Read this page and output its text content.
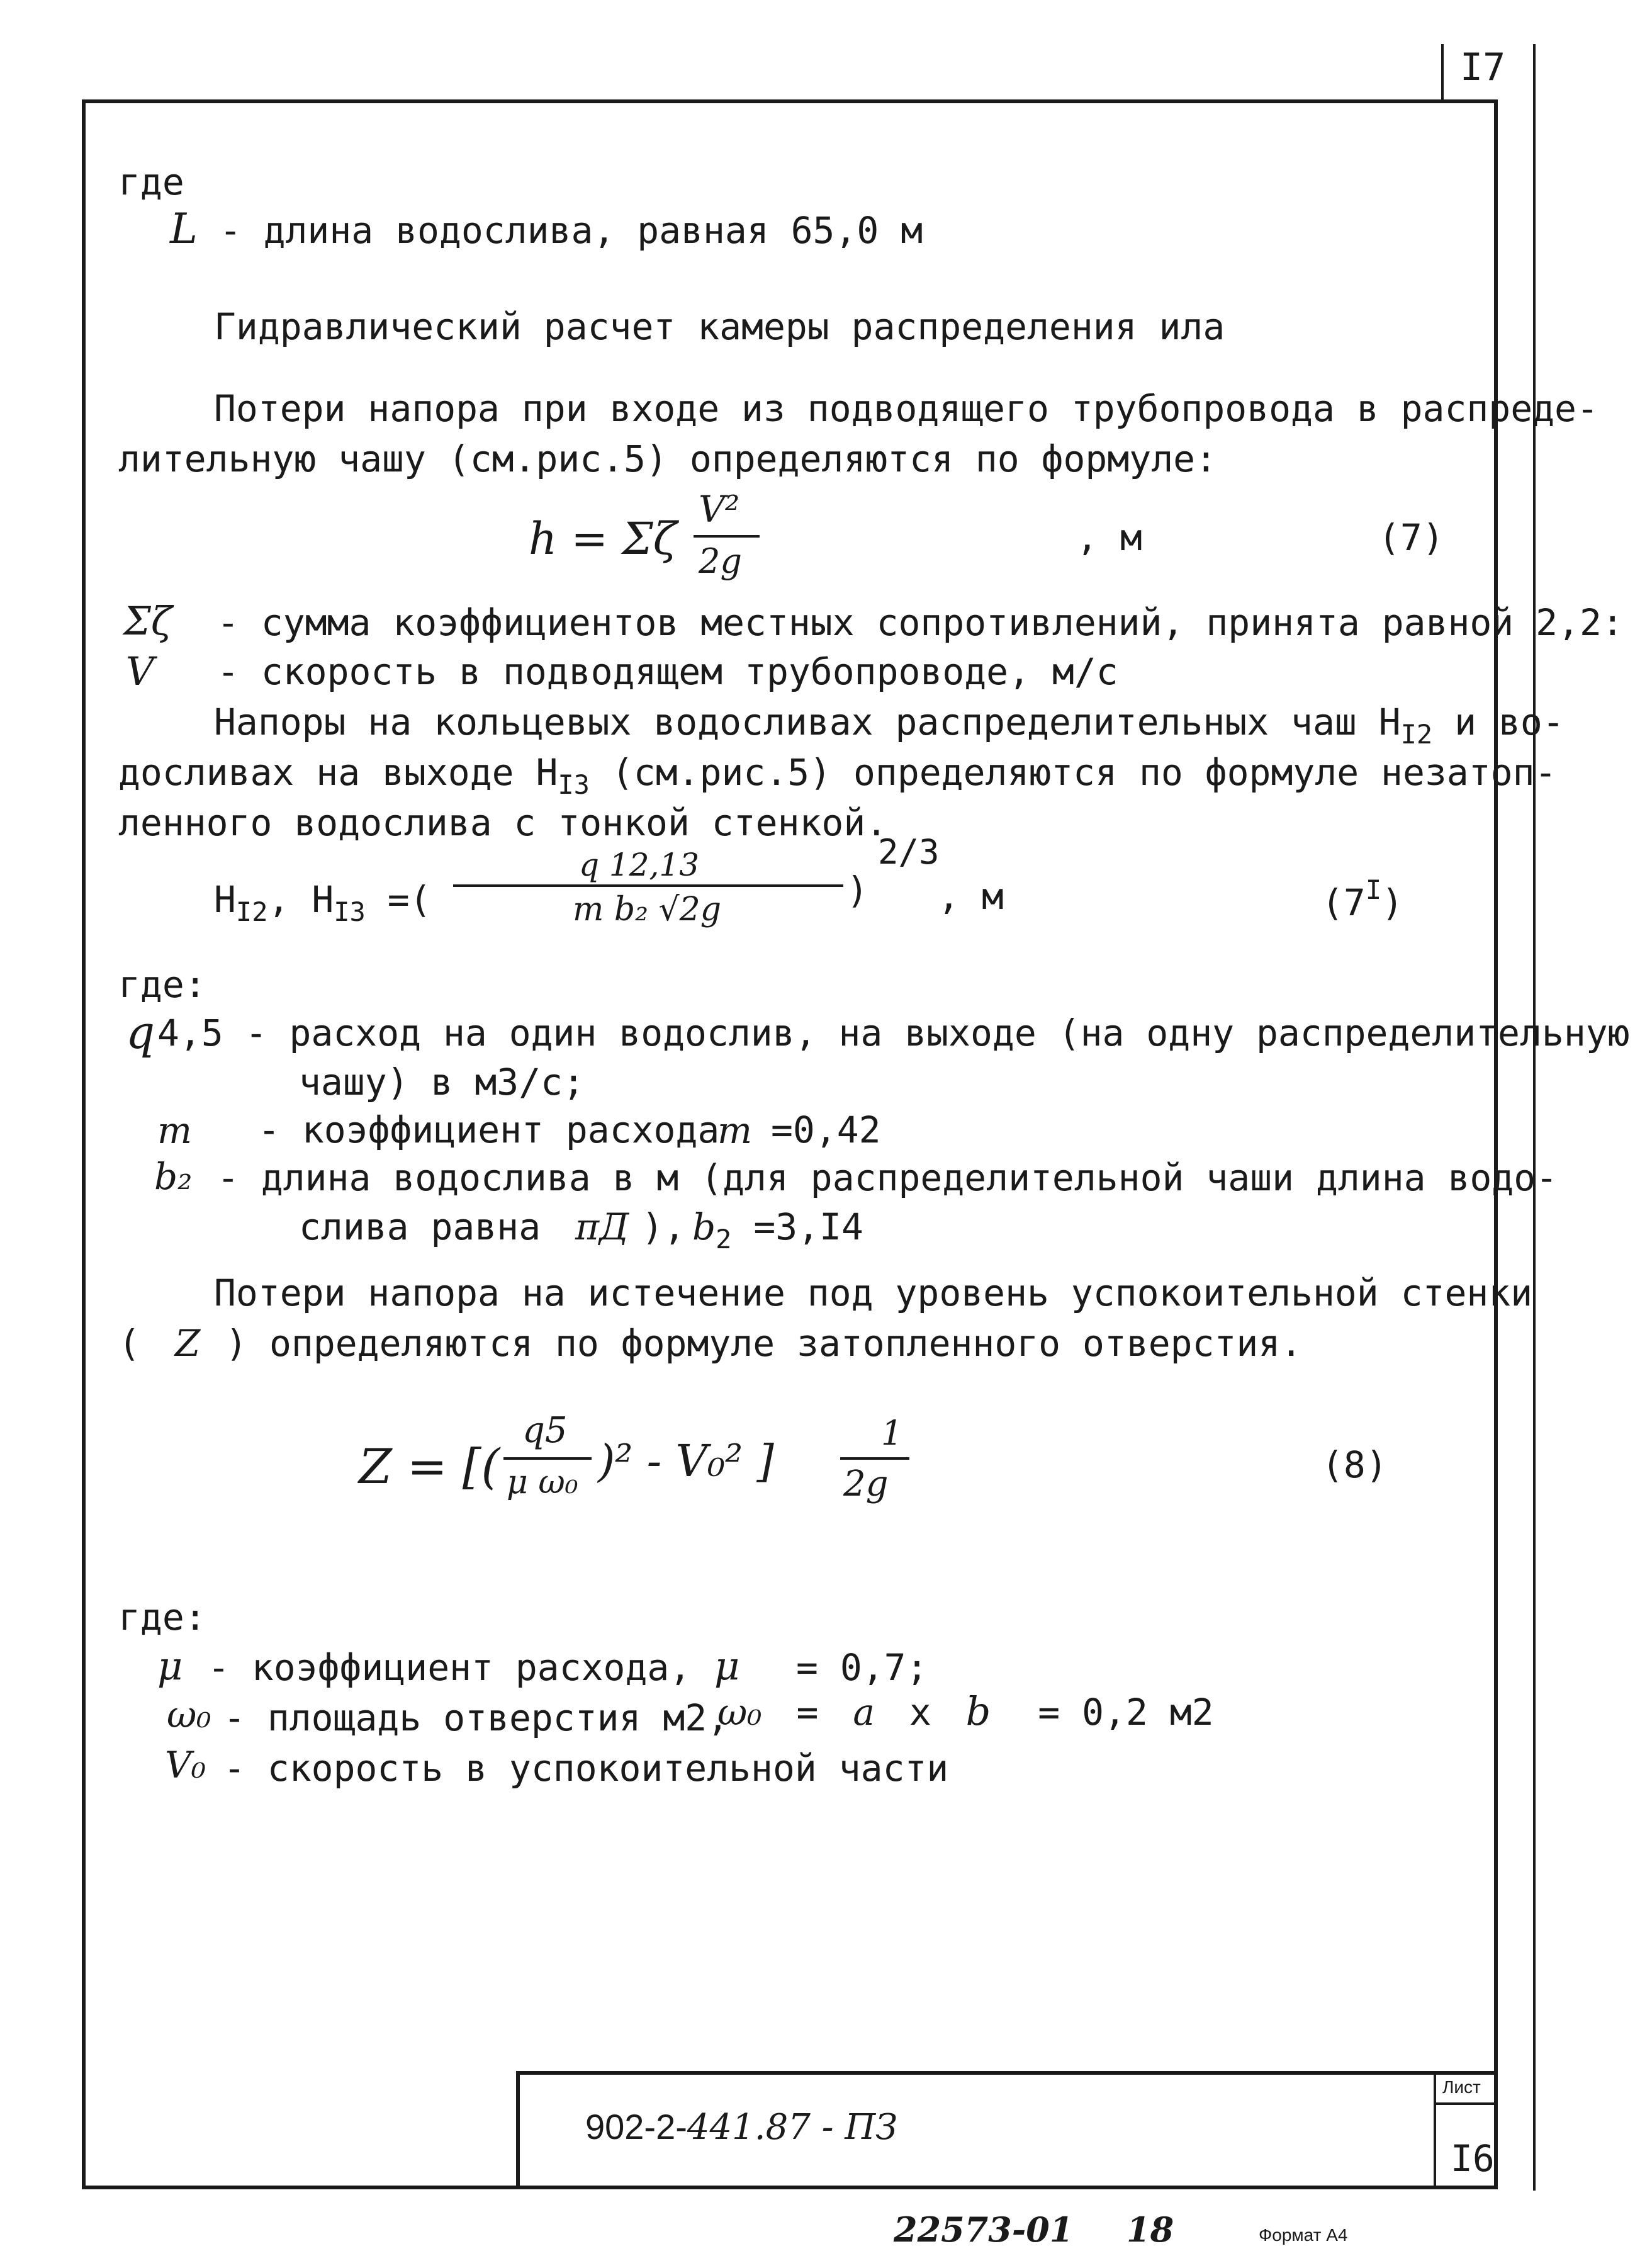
I7
где
L - длина водослива, равная 65,0 м
Гидравлический расчет камеры распределения ила
Потери напора при входе из подводящего трубопровода в распреде-
лительную чашу (см.рис.5) определяются по формуле:
h = Σζ
V²
2g
, м	(7)
Σζ - сумма коэффициентов местных сопротивлений, принята равной 2,2:
V - скорость в подводящем трубопроводе, м/с
Напоры на кольцевых водосливах распределительных чаш $Н_{I2}$ и во-
досливах на выходе $Н_{I3}$ (см.рис.5) определяются по формуле незатоп-
ленного водослива с тонкой стенкой.
$Н_{I2}$, $Н_{I3}$ =(
q 12,13
m b₂ √2g	)
2/3
, м	$(7^I)$
где:
q 4,5 - расход на один водослив, на выходе (на одну распределительную
чашу) в м3/с;
m - коэффициент расхода
m =0,42
b₂ - длина водослива в м (для распределительной чаши длина водо-
слива равна πД ), $b_2 =3,I4$
Потери напора на истечение под уровень успокоительной стенки
( Z ) определяются по формуле затопленного отверстия.
Z = [(
q5
μ ω₀ )² - V₀² ]
1
2g	(8)
где:
μ - коэффициент расхода, μ = 0,7;
ω₀ - площадь отверстия м2,
ω₀ = a x b = 0,2 м2
V₀ - скорость в успокоительной части
902-2-441.87 - ПЗ
Лист
I6
22573-01 18	Формат А4
